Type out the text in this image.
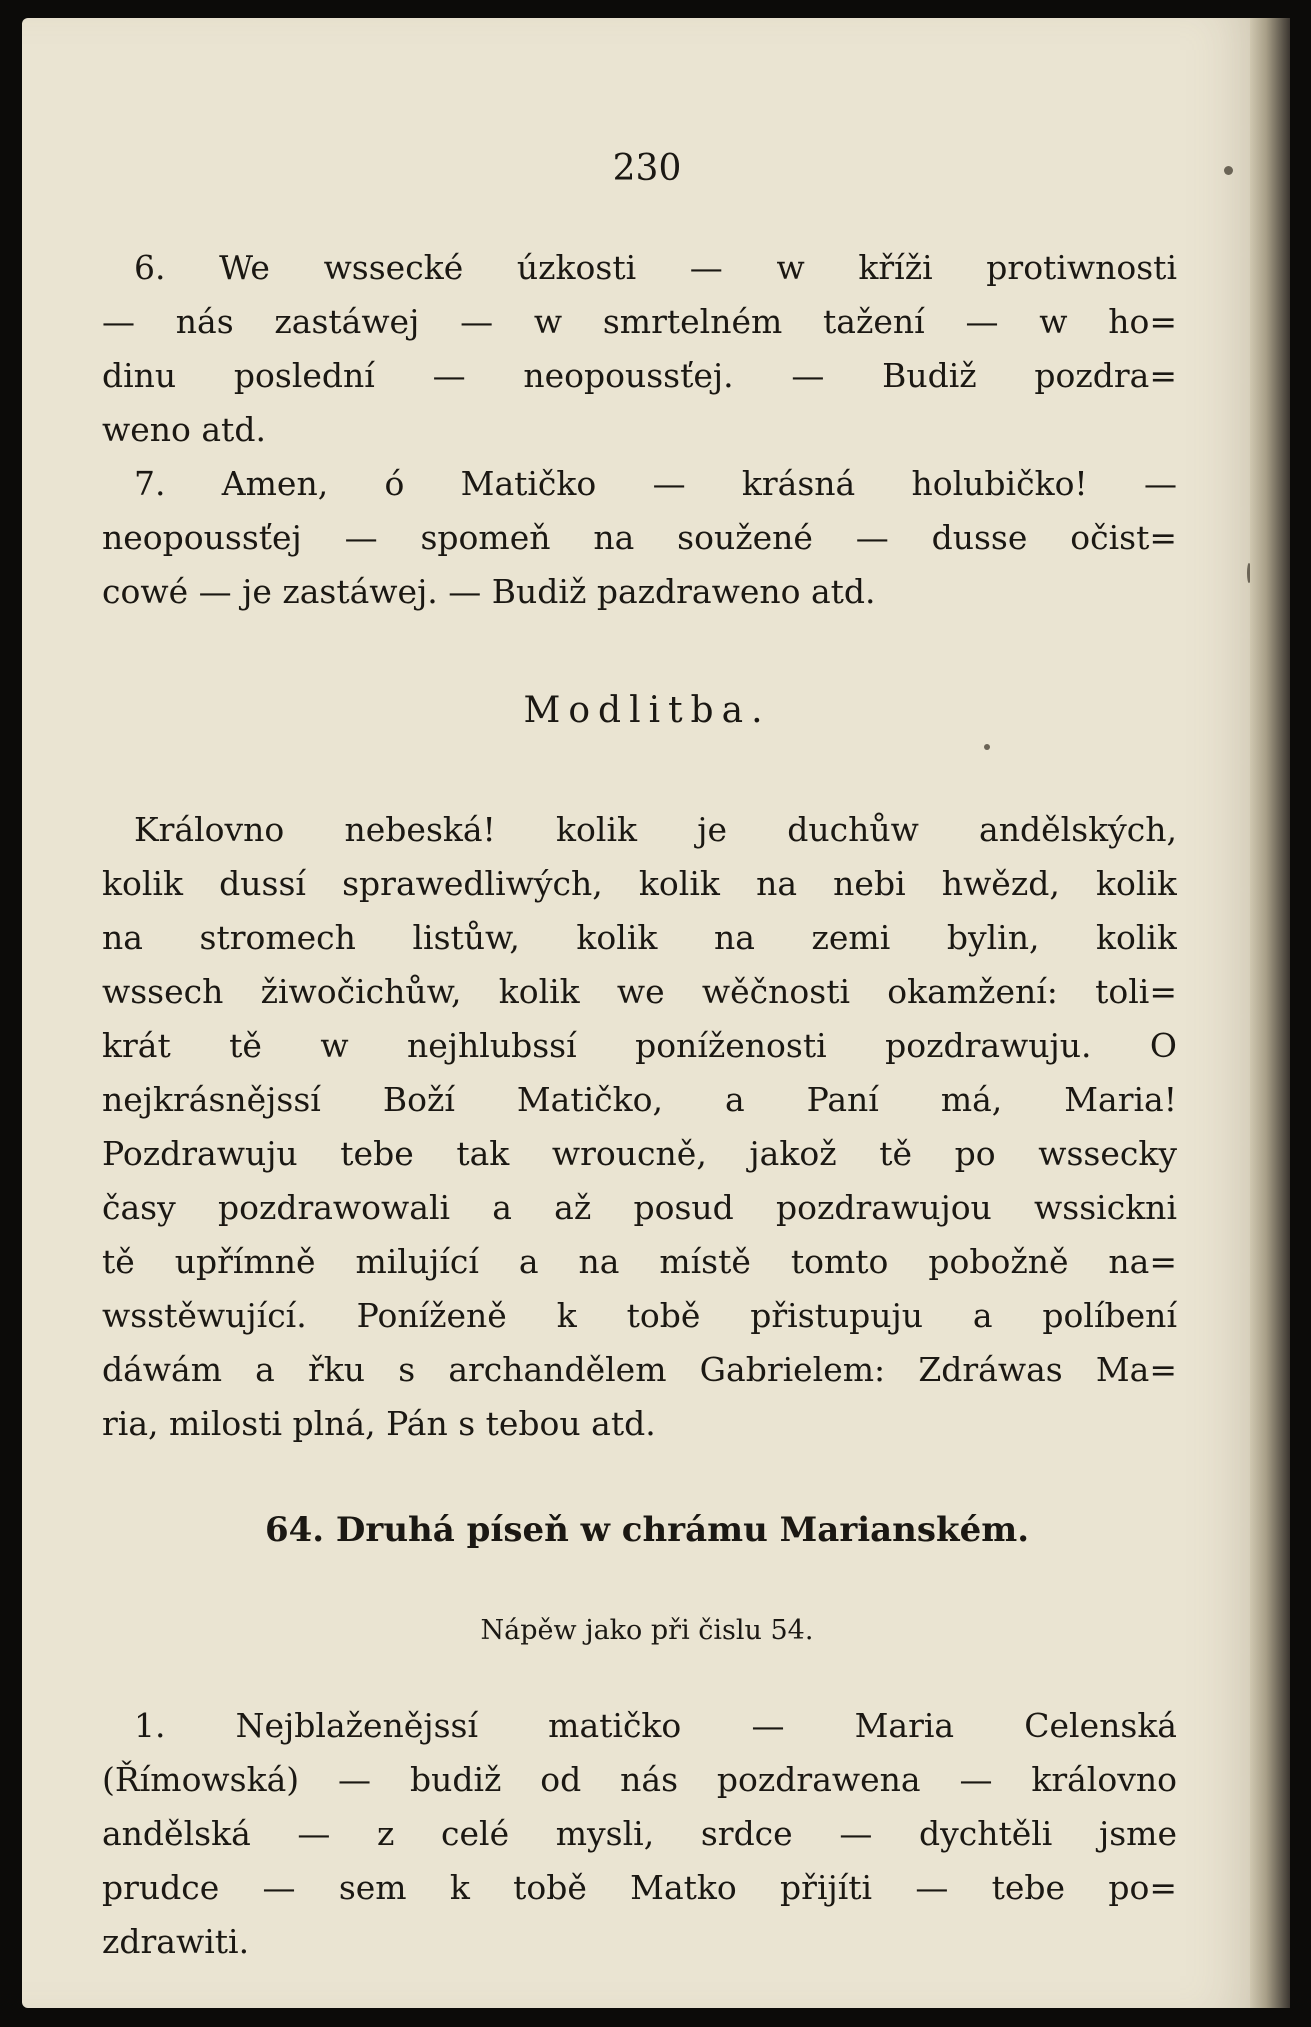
230
6. We wssecké úzkosti — w kříži protiwnosti
— nás zastáwej — w smrtelném tažení — w ho=
dinu poslední — neopoussťej. — Budiž pozdra=
weno atd.
7. Amen, ó Matičko — krásná holubičko! —
neopoussťej — spomeň na soužené — dusse očist=
cowé — je zastáwej. — Budiž pazdraweno atd.
Modlitba.
Královno nebeská! kolik je duchůw andělských,
kolik dussí sprawedliwých, kolik na nebi hwězd, kolik
na stromech listůw, kolik na zemi bylin, kolik
wssech žiwočichůw, kolik we wěčnosti okamžení: toli=
krát tě w nejhlubssí poníženosti pozdrawuju. O
nejkrásnějssí Boží Matičko, a Paní má, Maria!
Pozdrawuju tebe tak wroucně, jakož tě po wssecky
časy pozdrawowali a až posud pozdrawujou wssickni
tě upřímně milující a na místě tomto pobožně na=
wsstěwující. Poníženě k tobě přistupuju a políbení
dáwám a řku s archandělem Gabrielem: Zdráwas Ma=
ria, milosti plná, Pán s tebou atd.
64. Druhá píseň w chrámu Marianském.
Nápěw jako při čislu 54.
1. Nejblaženějssí matičko — Maria Celenská
(Římowská) — budiž od nás pozdrawena — královno
andělská — z celé mysli, srdce — dychtěli jsme
prudce — sem k tobě Matko přijíti — tebe po=
zdrawiti.
